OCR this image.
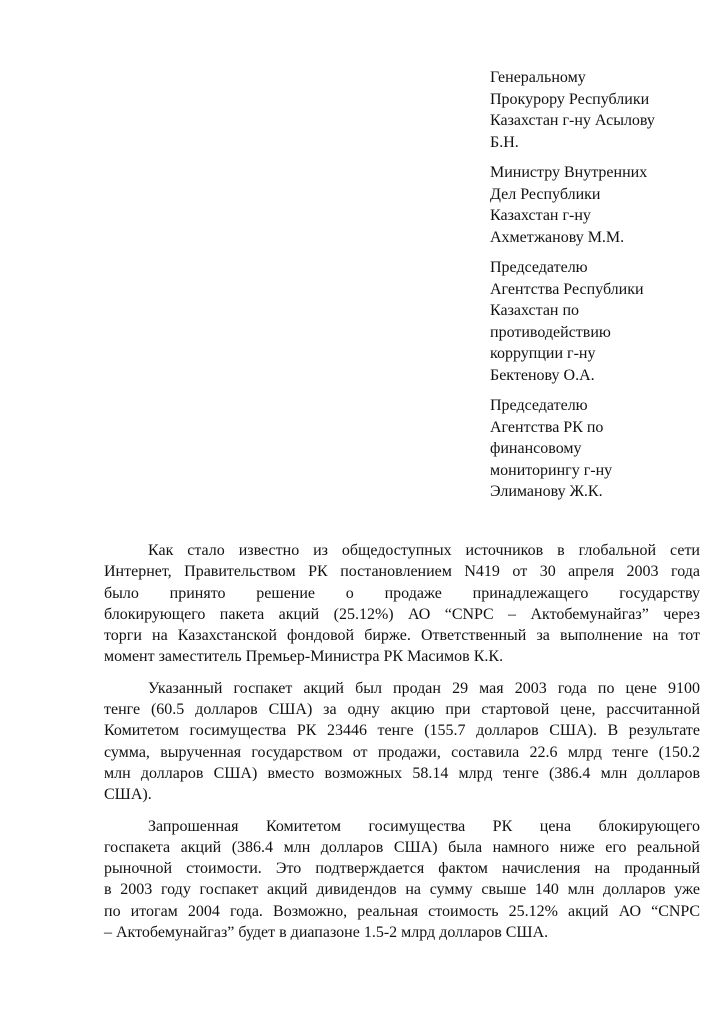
Генеральному
Прокурору Республики
Казахстан г-ну Асылову
Б.Н.
Министру Внутренних
Дел Республики
Казахстан г-ну
Ахметжанову М.М.
Председателю
Агентства Республики
Казахстан по
противодействию
коррупции г-ну
Бектенову О.А.
Председателю
Агентства РК по
финансовому
мониторингу г-ну
Элиманову Ж.К.
Как стало известно из общедоступных источников в глобальной сети
Интернет, Правительством РК постановлением N419 от 30 апреля 2003 года
было принято решение о продаже принадлежащего государству
блокирующего пакета акций (25.12%) АО “CNPC – Актобемунайгаз” через
торги на Казахстанской фондовой бирже. Ответственный за выполнение на тот
момент заместитель Премьер-Министра РК Масимов К.К.
Указанный госпакет акций был продан 29 мая 2003 года по цене 9100
тенге (60.5 долларов США) за одну акцию при стартовой цене, рассчитанной
Комитетом госимущества РК 23446 тенге (155.7 долларов США). В результате
сумма, вырученная государством от продажи, составила 22.6 млрд тенге (150.2
млн долларов США) вместо возможных 58.14 млрд тенге (386.4 млн долларов
США).
Запрошенная Комитетом госимущества РК цена блокирующего
госпакета акций (386.4 млн долларов США) была намного ниже его реальной
рыночной стоимости. Это подтверждается фактом начисления на проданный
в 2003 году госпакет акций дивидендов на сумму свыше 140 млн долларов уже
по итогам 2004 года. Возможно, реальная стоимость 25.12% акций АО “CNPC
– Актобемунайгаз” будет в диапазоне 1.5-2 млрд долларов США.
